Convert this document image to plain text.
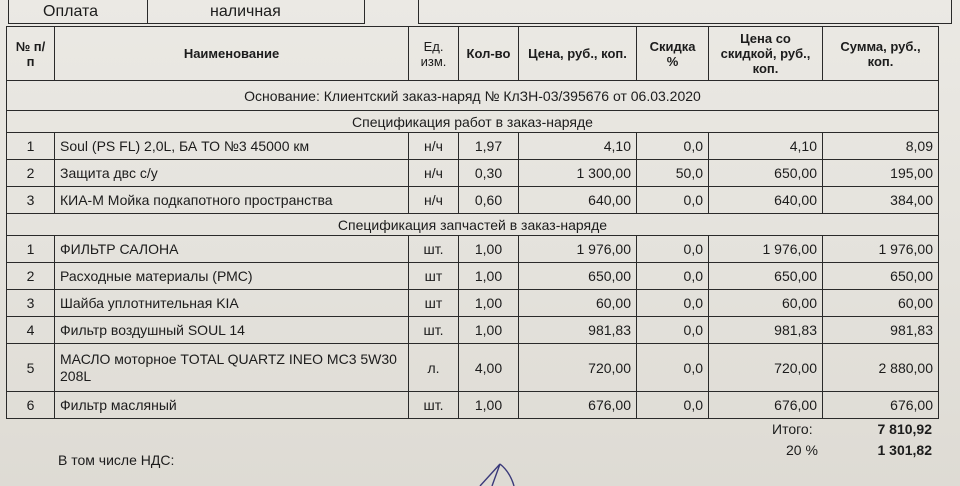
Оплата	наличная
№ п/п	Наименование	Ед. изм.	Кол-во	Цена, руб., коп.	Скидка %	Цена со скидкой, руб., коп.	Сумма, руб., коп.
Основание: Клиентский заказ-наряд № КлЗН-03/395676 от 06.03.2020							
Спецификация работ в заказ-наряде							
1	Soul (PS FL) 2,0L, БА ТО №3 45000 км	н/ч	1,97	4,10	0,0	4,10	8,09
2	Защита двс с/у	н/ч	0,30	1 300,00	50,0	650,00	195,00
3	КИА-М Мойка подкапотного пространства	н/ч	0,60	640,00	0,0	640,00	384,00
Спецификация запчастей в заказ-наряде							
1	ФИЛЬТР САЛОНА	шт.	1,00	1 976,00	0,0	1 976,00	1 976,00
2	Расходные материалы (РМС)	шт	1,00	650,00	0,0	650,00	650,00
3	Шайба уплотнительная KIA	шт	1,00	60,00	0,0	60,00	60,00
4	Фильтр воздушный SOUL 14	шт.	1,00	981,83	0,0	981,83	981,83
5	МАСЛО моторное TOTAL QUARTZ INEO MC3 5W30 208L	л.	4,00	720,00	0,0	720,00	2 880,00
6	Фильтр масляный	шт.	1,00	676,00	0,0	676,00	676,00
Итого:	7 810,92
В том числе НДС:
20 %	1 301,82
